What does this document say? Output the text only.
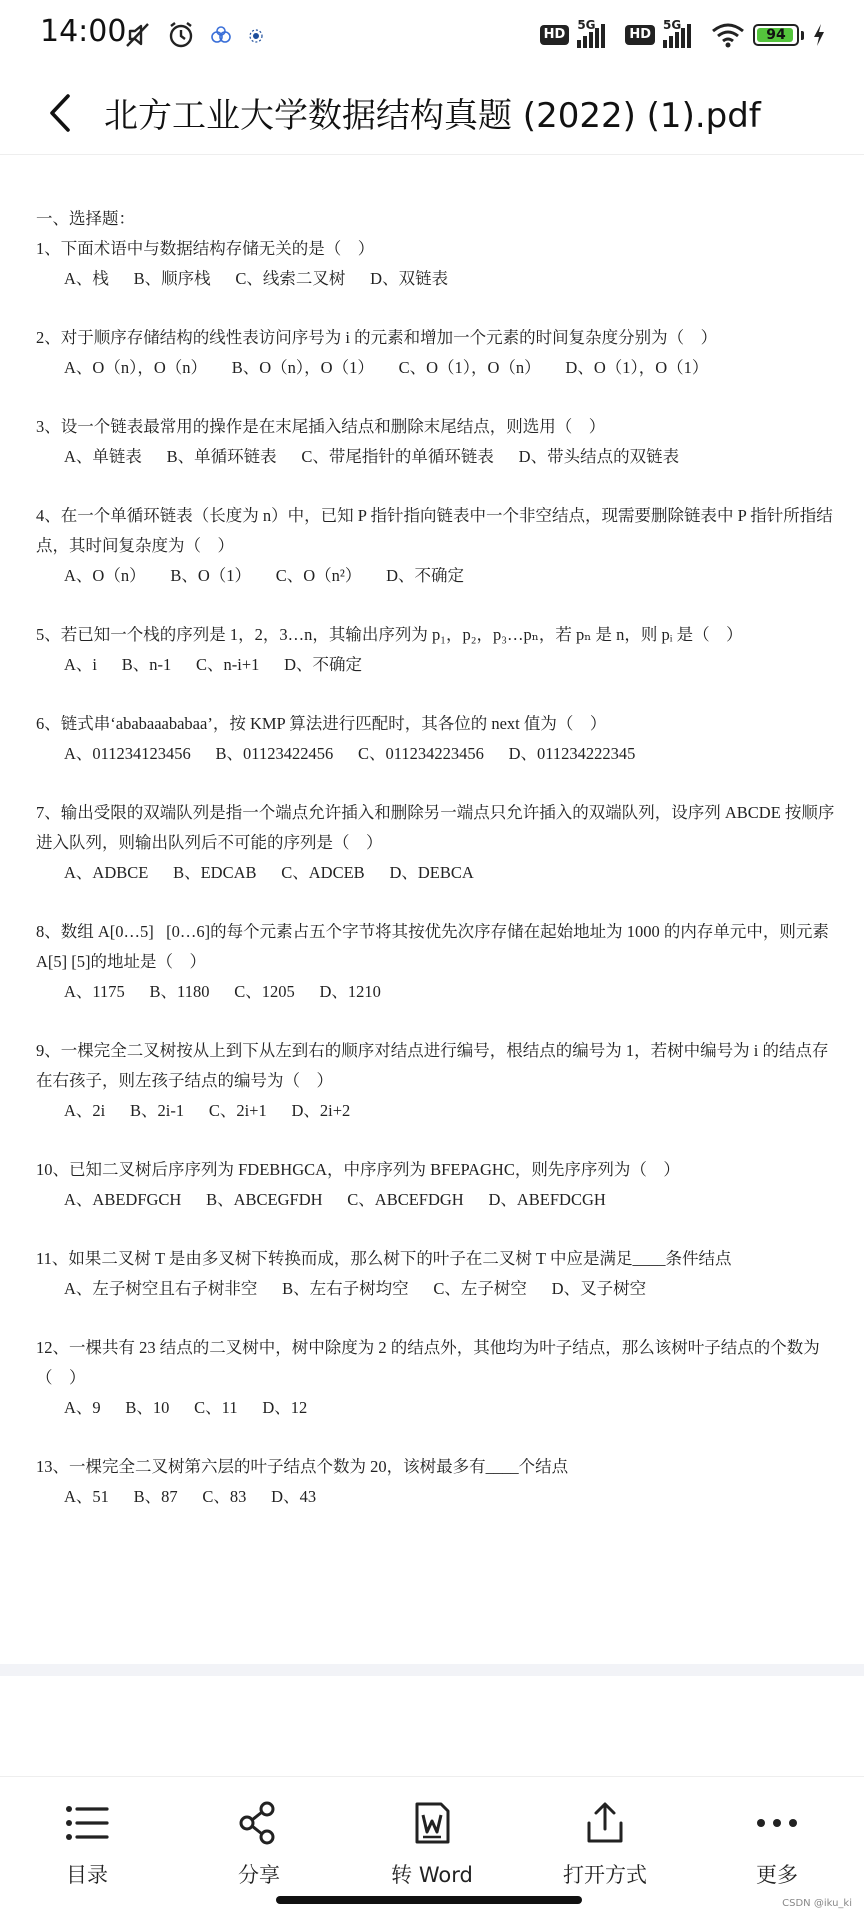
14:00	HD
5G
HD
5G
94
北方工业大学数据结构真题 (2022) (1).pdf
一、选择题：
1、下面术语中与数据结构存储无关的是（    ）
A、栈      B、顺序栈      C、线索二叉树      D、双链表
2、对于顺序存储结构的线性表访问序号为 i 的元素和增加一个元素的时间复杂度分别为（    ）
A、O（n），O（n）      B、O（n），O（1）      C、O（1），O（n）      D、O（1），O（1）
3、设一个链表最常用的操作是在末尾插入结点和删除末尾结点，则选用（    ）
A、单链表      B、单循环链表      C、带尾指针的单循环链表      D、带头结点的双链表
4、在一个单循环链表（长度为 n）中，已知 P 指针指向链表中一个非空结点，现需要删除链表中 P 指针所指结点，其时间复杂度为（    ）
A、O（n）      B、O（1）      C、O（n²）      D、不确定
5、若已知一个栈的序列是 1，2，3…n，其输出序列为 p₁，p₂，p₃…pₙ，若 pₙ 是 n，则 pᵢ 是（    ）
A、i      B、n-1      C、n-i+1      D、不确定
6、链式串‘ababaaababaa’，按 KMP 算法进行匹配时，其各位的 next 值为（    ）
A、011234123456      B、01123422456      C、011234223456      D、011234222345
7、输出受限的双端队列是指一个端点允许插入和删除另一端点只允许插入的双端队列，设序列 ABCDE 按顺序进入队列，则输出队列后不可能的序列是（    ）
A、ADBCE      B、EDCAB      C、ADCEB      D、DEBCA
8、数组 A[0…5]   [0…6]的每个元素占五个字节将其按优先次序存储在起始地址为 1000 的内存单元中，则元素 A[5] [5]的地址是（    ）
A、1175      B、1180      C、1205      D、1210
9、一棵完全二叉树按从上到下从左到右的顺序对结点进行编号，根结点的编号为 1，若树中编号为 i 的结点存在右孩子，则左孩子结点的编号为（    ）
A、2i      B、2i-1      C、2i+1      D、2i+2
10、已知二叉树后序序列为 FDEBHGCA，中序序列为 BFEPAGHC，则先序序列为（    ）
A、ABEDFGCH      B、ABCEGFDH      C、ABCEFDGH      D、ABEFDCGH
11、如果二叉树 T 是由多叉树下转换而成，那么树下的叶子在二叉树 T 中应是满足____条件结点
A、左子树空且右子树非空      B、左右子树均空      C、左子树空      D、叉子树空
12、一棵共有 23 结点的二叉树中，树中除度为 2 的结点外，其他均为叶子结点，那么该树叶子结点的个数为（    ）
A、9      B、10      C、11      D、12
13、一棵完全二叉树第六层的叶子结点个数为 20，该树最多有____个结点
A、51      B、87      C、83      D、43
目录	分享	转 Word	打开方式	更多
CSDN @iku_ki
